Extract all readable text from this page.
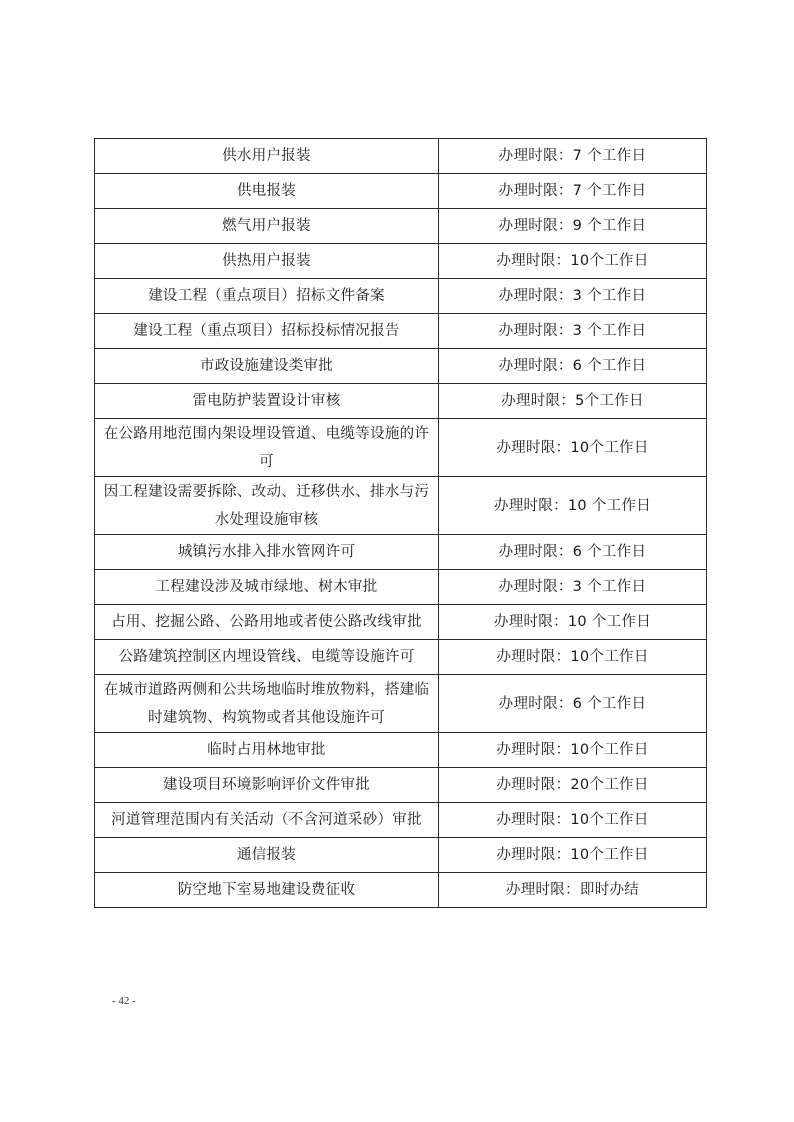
供水用户报装	办理时限：7 个工作日
供电报装	办理时限：7 个工作日
燃气用户报装	办理时限：9 个工作日
供热用户报装	办理时限：10个工作日
建设工程（重点项目）招标文件备案	办理时限：3 个工作日
建设工程（重点项目）招标投标情况报告	办理时限：3 个工作日
市政设施建设类审批	办理时限：6 个工作日
雷电防护装置设计审核	办理时限：5个工作日
在公路用地范围内架设埋设管道、电缆等设施的许可	办理时限：10个工作日
因工程建设需要拆除、改动、迁移供水、排水与污水处理设施审核	办理时限：10 个工作日
城镇污水排入排水管网许可	办理时限：6 个工作日
工程建设涉及城市绿地、树木审批	办理时限：3 个工作日
占用、挖掘公路、公路用地或者使公路改线审批	办理时限：10 个工作日
公路建筑控制区内埋设管线、电缆等设施许可	办理时限：10个工作日
在城市道路两侧和公共场地临时堆放物料，搭建临时建筑物、构筑物或者其他设施许可	办理时限：6 个工作日
临时占用林地审批	办理时限：10个工作日
建设项目环境影响评价文件审批	办理时限：20个工作日
河道管理范围内有关活动（不含河道采砂）审批	办理时限：10个工作日
通信报装	办理时限：10个工作日
防空地下室易地建设费征收	办理时限：即时办结
- 42 -
